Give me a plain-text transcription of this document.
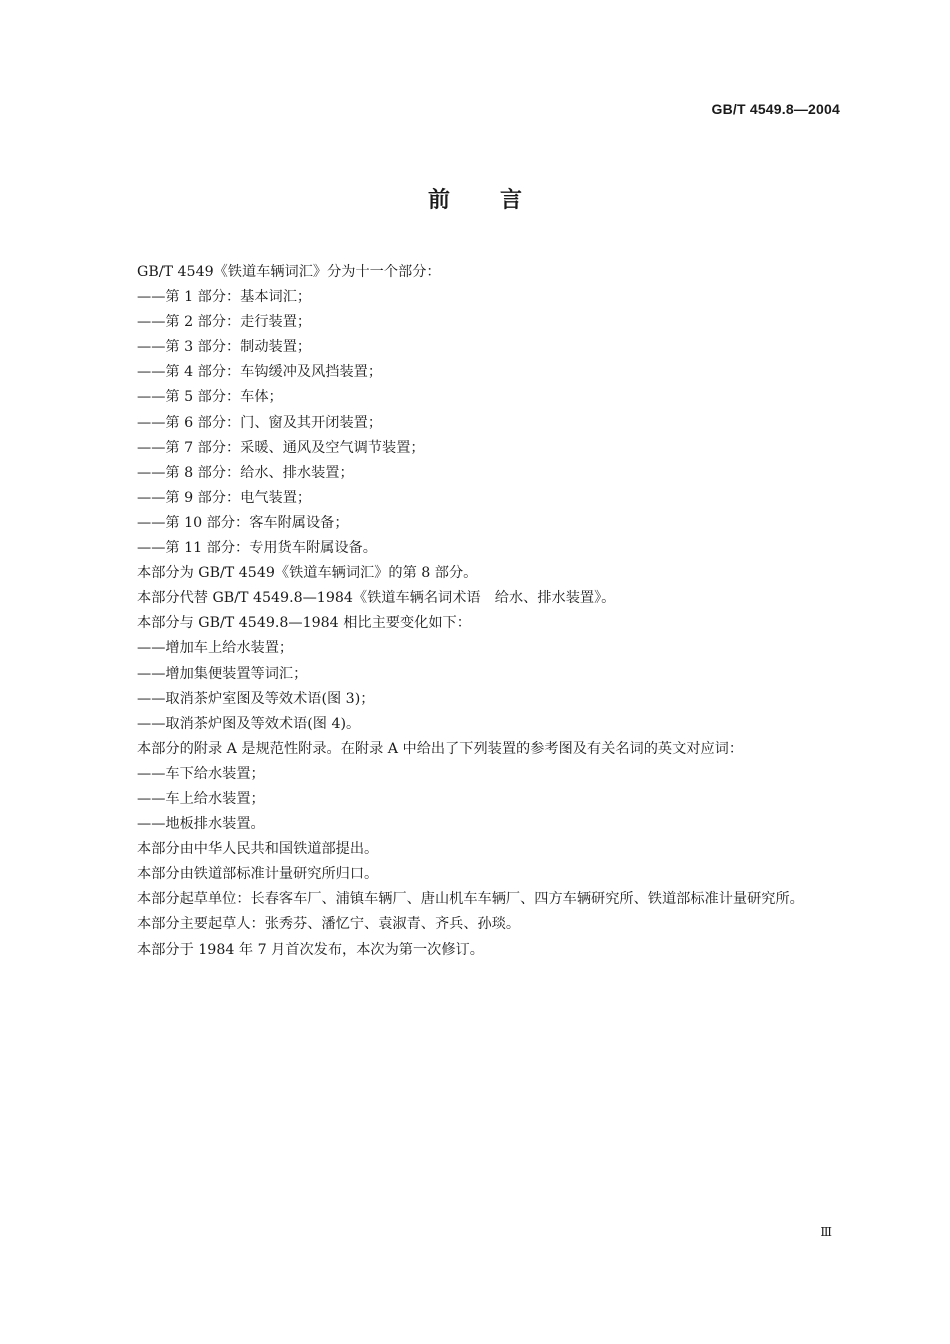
GB/T 4549.8—2004
前 言

GB/T 4549《铁道车辆词汇》分为十一个部分：

——第 1 部分：基本词汇；

——第 2 部分：走行装置；

——第 3 部分：制动装置；

——第 4 部分：车钩缓冲及风挡装置；

——第 5 部分：车体；

——第 6 部分：门、窗及其开闭装置；

——第 7 部分：采暖、通风及空气调节装置；

——第 8 部分：给水、排水装置；

——第 9 部分：电气装置；

——第 10 部分：客车附属设备；

——第 11 部分：专用货车附属设备。

本部分为 GB/T 4549《铁道车辆词汇》的第 8 部分。

本部分代替 GB/T 4549.8—1984《铁道车辆名词术语　给水、排水装置》。

本部分与 GB/T 4549.8—1984 相比主要变化如下：

——增加车上给水装置；

——增加集便装置等词汇；

——取消茶炉室图及等效术语(图 3)；

——取消茶炉图及等效术语(图 4)。

本部分的附录 A 是规范性附录。在附录 A 中给出了下列装置的参考图及有关名词的英文对应词：

——车下给水装置；

——车上给水装置；

——地板排水装置。

本部分由中华人民共和国铁道部提出。

本部分由铁道部标准计量研究所归口。

本部分起草单位：长春客车厂、浦镇车辆厂、唐山机车车辆厂、四方车辆研究所、铁道部标准计量研究所。

本部分主要起草人：张秀芬、潘忆宁、袁淑青、齐兵、孙琰。

本部分于 1984 年 7 月首次发布，本次为第一次修订。

Ⅲ
